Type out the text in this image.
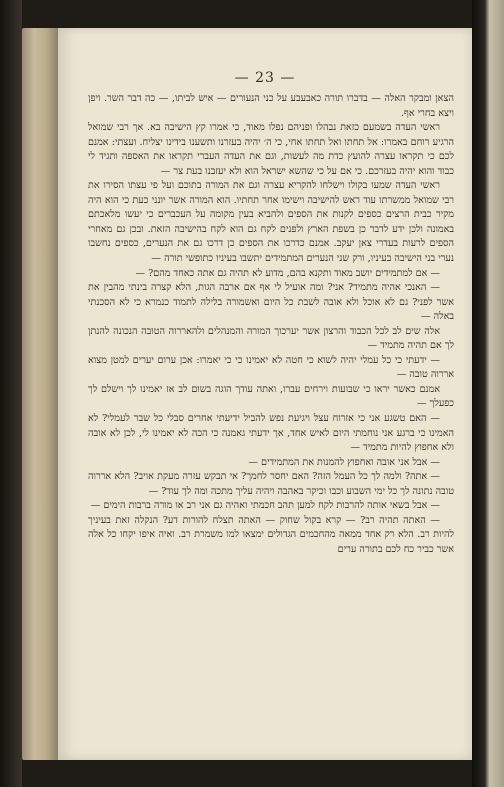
— 23 —

הצאן ומבקר האלה — בדברו תורה כאבעבע על כני הנעורים — איש לביתו, — כה דבר השר. ויפן ויצא בחרי אף.

ראשי העדה בשמעם כזאת נבהלו ופניהם נפלו מאוד, כי אמרו קץ הישיבה בא. אך רבי שמואל הרגיע רוחם באמרו: אל תחתו ואל תחתו אחי, כי ה׳ יהיה בעזרנו ותשענו בידינו יצליח. ועצתי: אמנם לכם כי תקראו עצרה להועץ כדת מה לעשות, וגם את העדה העברי תקראו את האספה ותגיד לי כבוד והוא יהיה בעזרכם. כי אם על כי שהשא ישראל הוא ולא יעזבנו בעת צר —

ראשי העדה שמעו בקולו וישלחו להקריא עצרה וגם את המורה בתוכם ועל פי עצתו הסירו את רבי שמואל ממשרתו עוד ראש להישיבה וישימו אחר תחתיו. הוא המורה אשר יונני כעת כי הוא היה מקיר כבית הרצים כספים לקנות את הספים ולהביא בעין מקומה על העכברים כי יעשו מלאכתם באמונה ולכן ידע לדבר כן בשפת הארץ ולפנים לקח גם הוא לקח בהישיבה הזאת. ובכן גם מאחרי הספים לרעות בעדרי צאן יעקב. אמנם כדרכו את הספים כן דרכו גם את הנערים, כספים נחשבו נערי בני הישיבה בעיניו, ורק שני הנערים המתמידים יתשבו בעיניו כתופשי תורה —

— אם למתמידים יושב מאוד ותקנא בהם, מדוע לא תהיה גם אתה כאחד מהם? —

— האנכי אהיה מתמיד? אני? ומה אועיל לי אף אם ארבה הגות, הלא קצרה בינתי מהבין את אשר לפני? גם לא אוכל ולא אובה לשבת כל היום ואשמורה בלילה לתמוד כנמרא כי לא הסכנתי באלה —

אלה שים לב לכל הכבוד והרצון אשר יערכוך המורה והמנהלים ולהאררוה הטובה הנכונה להנתן לך אם תהיה מתמיד —

— ידעתי כי כל עמלי יהיה לשוא כי חטה לא יאמינו כי כי יאמרו: אכן ערום יערים למטן מצוא אררוה טובה —

אמנם כאשר יראו כי שבועות וירחים עברו, ואתה עודך הוגה בשום לב אז יאמינו לך וישלם לך כפעלך —

— האם טשגע אני כי אזרוח עצל ויגיעת נפש להביל ידיעתי אחרים סבלי כל שבר לעמלי? לא האמינו כי ברגע אני נוחמתי היום לאיש אחד, אך ידעתי גאמנה כי הכה לא יאמינו לי, לכן לא אובה ולא אחפוץ להיות מתמיד —

— אבל אני אובה ואחפוץ להמנות את המתמידים —

— אתה? ולמה לך כל העמל הזה? האם יחסר לחמך? אי תבקש עזרה מעקת אויב? הלא אררוה טובה נתונה לך כל ימי השבוע וכבו וכיקר באהבה ויהיה עליך מתכה ומה לך עוד? —

— אבל בשאי אותה להרבות לקח למען תהב חכמתי ואהיה גם אני רב או מורה ברבות הימים —

— האתה תהיה רב? — קרא בקול שחוק — האתה תצלח להורות דע? הנקלה זאת בעיניך להיות רב. הלא רק אחד ממאה מהחכמים הגדולים ימצאו למו משמרת רב. ואיה איפו יקחו כל אלה אשר כביר כח לכם בתורה ערים
